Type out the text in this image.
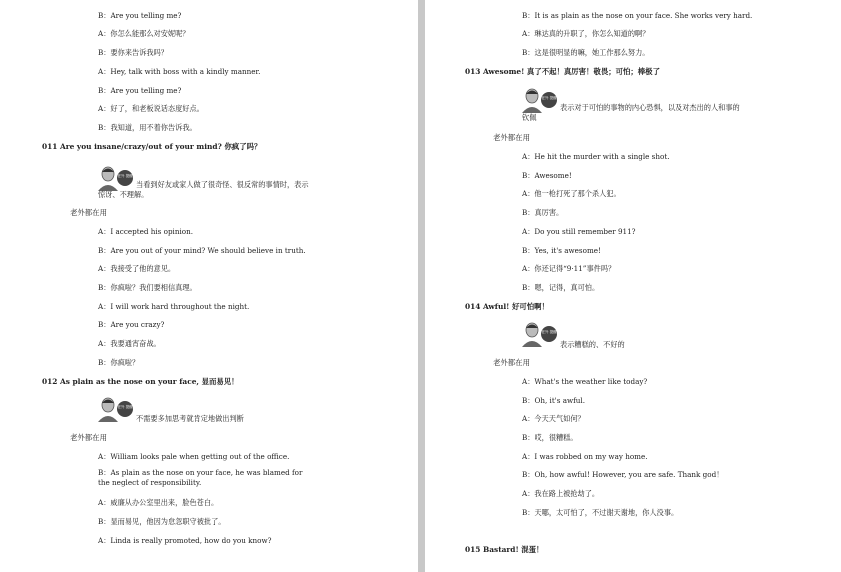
B：Are you telling me?
A：你怎么能那么对安妮呢？
B：要你来告诉我吗？
A：Hey, talk with boss with a kindly manner.
B：Are you telling me?
A：好了，和老板说话态度好点。
B：我知道，用不着你告诉我。
011 Are you insane/crazy/out of your mind? 你疯了吗？
老外 提醒
当看到好友或家人做了很奇怪、很反常的事情时，表示惊讶、不理解。
老外都在用
A：I accepted his opinion.
B：Are you out of your mind? We should believe in truth.
A：我接受了他的意见。
B：你疯啦？我们要相信真理。
A：I will work hard throughout the night.
B：Are you crazy?
A：我要通宵奋战。
B：你疯啦？
012 As plain as the nose on your face, 显而易见！
老外 提醒
不需要多加思考就肯定地做出判断
老外都在用
A：William looks pale when getting out of the office.
B：As plain as the nose on your face, he was blamed for the neglect of responsibility.
A：威廉从办公室里出来，脸色苍白。
B：显而易见，他因为怠忽职守被批了。
A：Linda is really promoted, how do you know?
B：It is as plain as the nose on your face. She works very hard.
A：琳达真的升职了，你怎么知道的啊？
B：这是很明显的嘛，她工作那么努力。
013 Awesome! 真了不起！真厉害！敬畏；可怕；棒极了
老外 提醒
表示对于可怕的事物的内心恐惧，以及对杰出的人和事的钦佩
老外都在用
A：He hit the murder with a single shot.
B：Awesome!
A：他一枪打死了那个杀人犯。
B：真厉害。
A：Do you still remember 911?
B：Yes, it's awesome!
A：你还记得“9·11”事件吗？
B：嗯，记得，真可怕。
014 Awful! 好可怕啊！
老外 提醒
表示糟糕的、不好的
老外都在用
A：What's the weather like today?
B：Oh, it's awful.
A：今天天气如何？
B：哎，很糟糕。
A：I was robbed on my way home.
B：Oh, how awful! However, you are safe. Thank god！
A：我在路上被抢劫了。
B：天哪，太可怕了，不过谢天谢地，你人没事。
015 Bastard! 混蛋！
